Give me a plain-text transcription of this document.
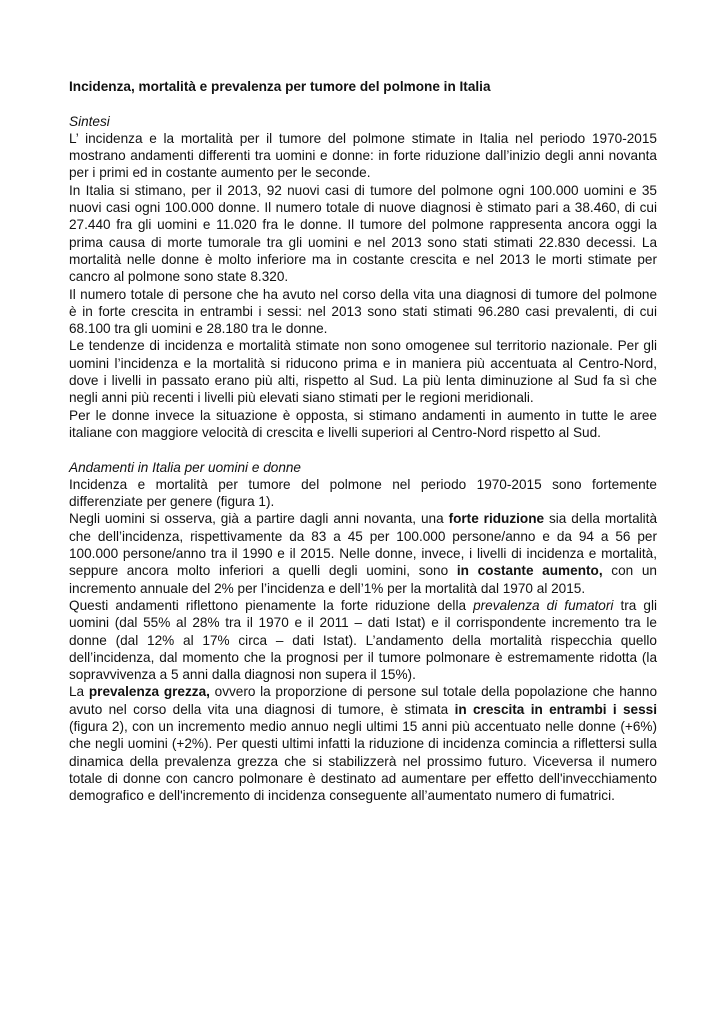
Incidenza, mortalità e prevalenza per tumore del polmone in Italia
Sintesi

L’ incidenza e la mortalità per il tumore del polmone stimate in Italia nel periodo 1970-2015 mostrano andamenti differenti tra uomini e donne: in forte riduzione dall’inizio degli anni novanta per i primi ed in costante aumento per le seconde.

In Italia si stimano, per il 2013, 92 nuovi casi di tumore del polmone ogni 100.000 uomini e 35 nuovi casi ogni 100.000 donne. Il numero totale di nuove diagnosi è stimato pari a 38.460, di cui 27.440 fra gli uomini e 11.020 fra le donne. Il tumore del polmone rappresenta ancora oggi la prima causa di morte tumorale tra gli uomini e nel 2013 sono stati stimati 22.830 decessi. La mortalità nelle donne è molto inferiore ma in costante crescita e nel 2013 le morti stimate per cancro al polmone sono state 8.320.

Il numero totale di persone che ha avuto nel corso della vita una diagnosi di tumore del polmone è in forte crescita in entrambi i sessi: nel 2013 sono stati stimati 96.280 casi prevalenti, di cui 68.100 tra gli uomini e 28.180 tra le donne.

Le tendenze di incidenza e mortalità stimate non sono omogenee sul territorio nazionale. Per gli uomini l’incidenza e la mortalità si riducono prima e in maniera più accentuata al Centro-Nord, dove i livelli in passato erano più alti, rispetto al Sud. La più lenta diminuzione al Sud fa sì che negli anni più recenti i livelli più elevati siano stimati per le regioni meridionali.

Per le donne invece la situazione è opposta, si stimano andamenti in aumento in tutte le aree italiane con maggiore velocità di crescita e livelli superiori al Centro-Nord rispetto al Sud.

Andamenti in Italia per uomini e donne

Incidenza e mortalità per tumore del polmone nel periodo 1970-2015 sono fortemente differenziate per genere (figura 1).

Negli uomini si osserva, già a partire dagli anni novanta, una forte riduzione sia della mortalità che dell’incidenza, rispettivamente da 83 a 45 per 100.000 persone/anno e da 94 a 56 per 100.000 persone/anno tra il 1990 e il 2015. Nelle donne, invece, i livelli di incidenza e mortalità, seppure ancora molto inferiori a quelli degli uomini, sono in costante aumento, con un incremento annuale del 2% per l’incidenza e dell’1% per la mortalità dal 1970 al 2015.

Questi andamenti riflettono pienamente la forte riduzione della prevalenza di fumatori tra gli uomini (dal 55% al 28% tra il 1970 e il 2011 – dati Istat) e il corrispondente incremento tra le donne (dal 12% al 17% circa – dati Istat). L’andamento della mortalità rispecchia quello dell’incidenza, dal momento che la prognosi per il tumore polmonare è estremamente ridotta (la sopravvivenza a 5 anni dalla diagnosi non supera il 15%).

La prevalenza grezza, ovvero la proporzione di persone sul totale della popolazione che hanno avuto nel corso della vita una diagnosi di tumore, è stimata in crescita in entrambi i sessi (figura 2), con un incremento medio annuo negli ultimi 15 anni più accentuato nelle donne (+6%) che negli uomini (+2%). Per questi ultimi infatti la riduzione di incidenza comincia a riflettersi sulla dinamica della prevalenza grezza che si stabilizzerà nel prossimo futuro. Viceversa il numero totale di donne con cancro polmonare è destinato ad aumentare per effetto dell'invecchiamento demografico e dell'incremento di incidenza conseguente all’aumentato numero di fumatrici.
